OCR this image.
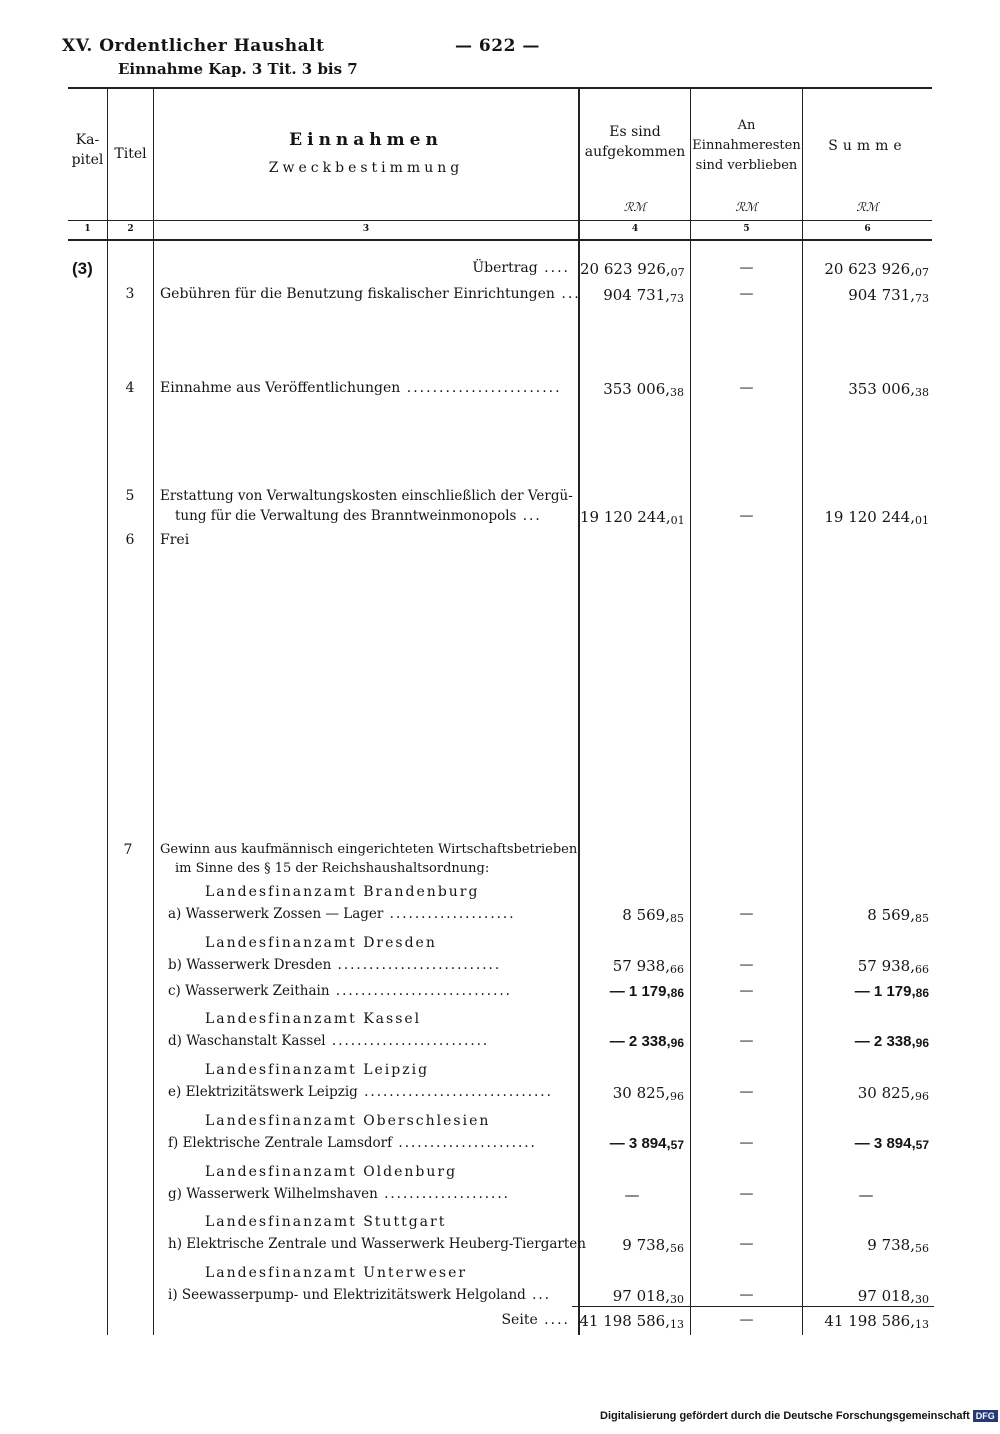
XV. Ordentlicher Haushalt	— 622 —
Einnahme Kap. 3 Tit. 3 bis 7
Ka-
pitel Titel
Einnahmen
Zweckbestimmung
Es sind
aufgekommen
An
Einnahmeresten
sind verblieben
Summe
ℛℳ	ℛℳ	ℛℳ
1	2	3	4	5	6
(3)	Übertrag .... 20 623 926,07	—	20 623 926,07
3	Gebühren für die Benutzung fiskalischer Einrichtungen ...	904 731,73	—	904 731,73
4	Einnahme aus Veröffentlichungen ........................	353 006,38	—	353 006,38
5	Erstattung von Verwaltungskosten einschließlich der Vergü-
tung für die Verwaltung des Branntweinmonopols ...	19 120 244,01	—	19 120 244,01
6	Frei
7	Gewinn aus kaufmännisch eingerichteten Wirtschaftsbetrieben
im Sinne des § 15 der Reichshaushaltsordnung:
Landesfinanzamt Brandenburg
a) Wasserwerk Zossen — Lager ....................	8 569,85	—	8 569,85
Landesfinanzamt Dresden
b) Wasserwerk Dresden ..........................	57 938,66	—	57 938,66
c) Wasserwerk Zeithain ............................	— 1 179,86	—	— 1 179,86
Landesfinanzamt Kassel
d) Waschanstalt Kassel .........................	— 2 338,96	—	— 2 338,96
Landesfinanzamt Leipzig
e) Elektrizitätswerk Leipzig ..............................	30 825,96	—	30 825,96
Landesfinanzamt Oberschlesien
f) Elektrische Zentrale Lamsdorf ......................	— 3 894,57	—	— 3 894,57
Landesfinanzamt Oldenburg
g) Wasserwerk Wilhelmshaven ....................	—	—	—
Landesfinanzamt Stuttgart
h) Elektrische Zentrale und Wasserwerk Heuberg-Tiergarten	9 738,56	—	9 738,56
Landesfinanzamt Unterweser
i) Seewasserpump- und Elektrizitätswerk Helgoland ...	97 018,30	—	97 018,30
Seite .... 41 198 586,13	—	41 198 586,13
Digitalisierung gefördert durch die Deutsche Forschungsgemeinschaft DFG
